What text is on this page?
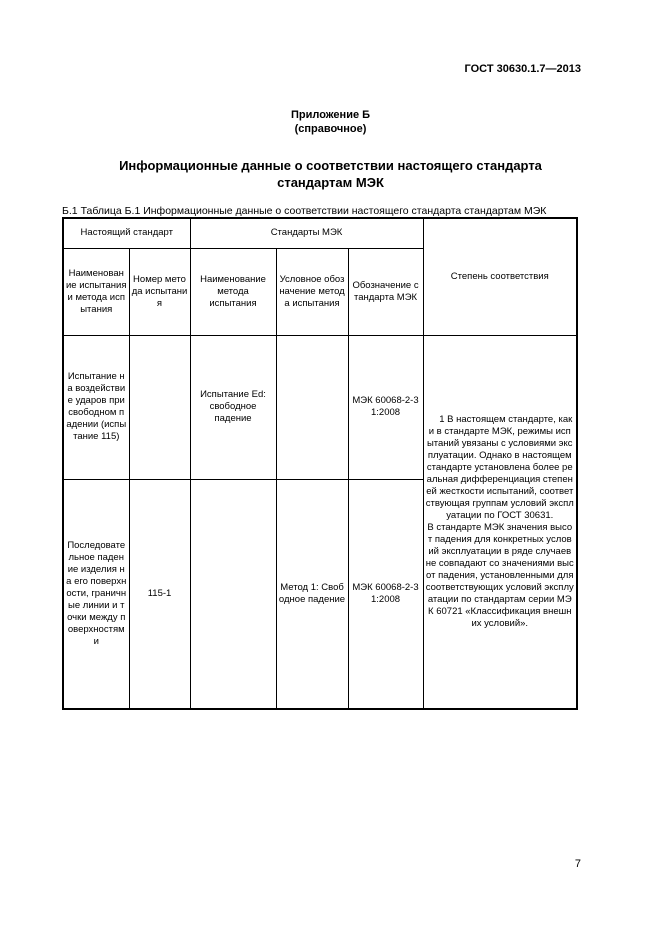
ГОСТ 30630.1.7—2013
Приложение Б
(справочное)
Информационные данные о соответствии настоящего стандарта
стандартам МЭК
Б.1 Таблица Б.1 Информационные данные о соответствии настоящего стандарта стандартам МЭК
Настоящий стандарт		Стандарты МЭК			Степень соответствия
Наименование испытания и метода испытания	Номер метода испытания	Наименование метода испытания	Условное обозначение метода испытания	Обозначение стандарта МЭК	
Испытание на воздействие ударов при свободном падении (испытание 115)		Испытание Ed: свободное падение		МЭК 60068-2-31:2008	1 В настоящем стандарте, как и в стандарте МЭК, режимы испытаний увязаны с условиями эксплуатации. Однако в настоящем стандарте установлена более реальная дифференциация степеней жесткости испытаний, соответствующая группам условий эксплуатации по ГОСТ 30631.
В стандарте МЭК значения высот падения для конкретных условий эксплуатации в ряде случаев не совпадают со значениями высот падения, установленными для соответствующих условий эксплуатации по стандартам серии МЭК 60721 «Классификация внешних условий».

Последовательное падение изделия на его поверхности, граничные линии и точки между поверхностями	115-1		Метод 1: Свободное падение	МЭК 60068-2-31:2008	
7
